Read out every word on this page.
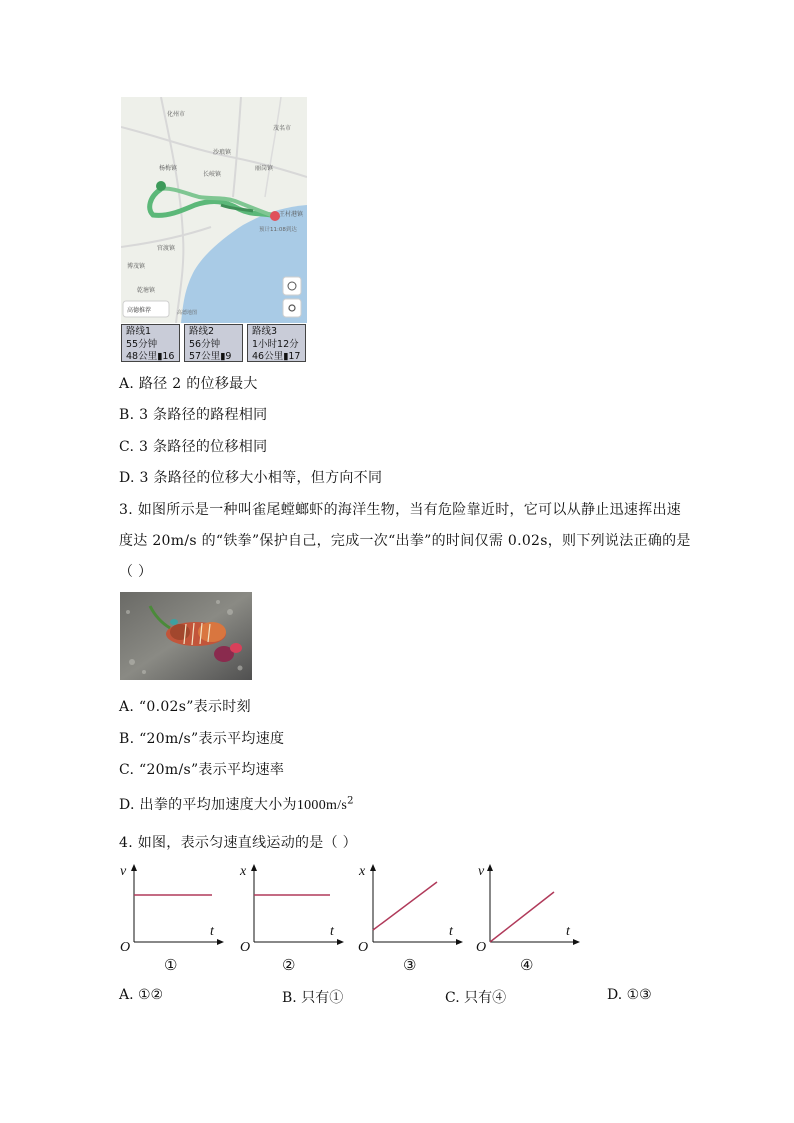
化州市
茂名市
杨梅镇
长岐镇
沙琅镇
丽岗镇
官渡镇
乾塘镇
王村港镇
博茂镇
预计11:08到达
高德推荐	高德地图
路线1
55分钟
48公里▮16
路线2
56分钟
57公里▮9
路线3
1小时12分
46公里▮17
A. 路径 2 的位移最大
B. 3 条路径的路程相同
C. 3 条路径的位移相同
D. 3 条路径的位移大小相等，但方向不同
3. 如图所示是一种叫雀尾螳螂虾的海洋生物，当有危险靠近时，它可以从静止迅速挥出速
度达 20m/s 的“铁拳”保护自己，完成一次“出拳”的时间仅需 0.02s，则下列说法正确的是
（ ）
A. “0.02s”表示时刻
B. “20m/s”表示平均速度
C. “20m/s”表示平均速率
D. 出拳的平均加速度大小为$1000m/s^2$
4. 如图，表示匀速直线运动的是（ ）
v
t
O
①
x
t
O
②
x
t
O
③
v
t
O
④
A. ①②	B. 只有①	C. 只有④	D. ①③
